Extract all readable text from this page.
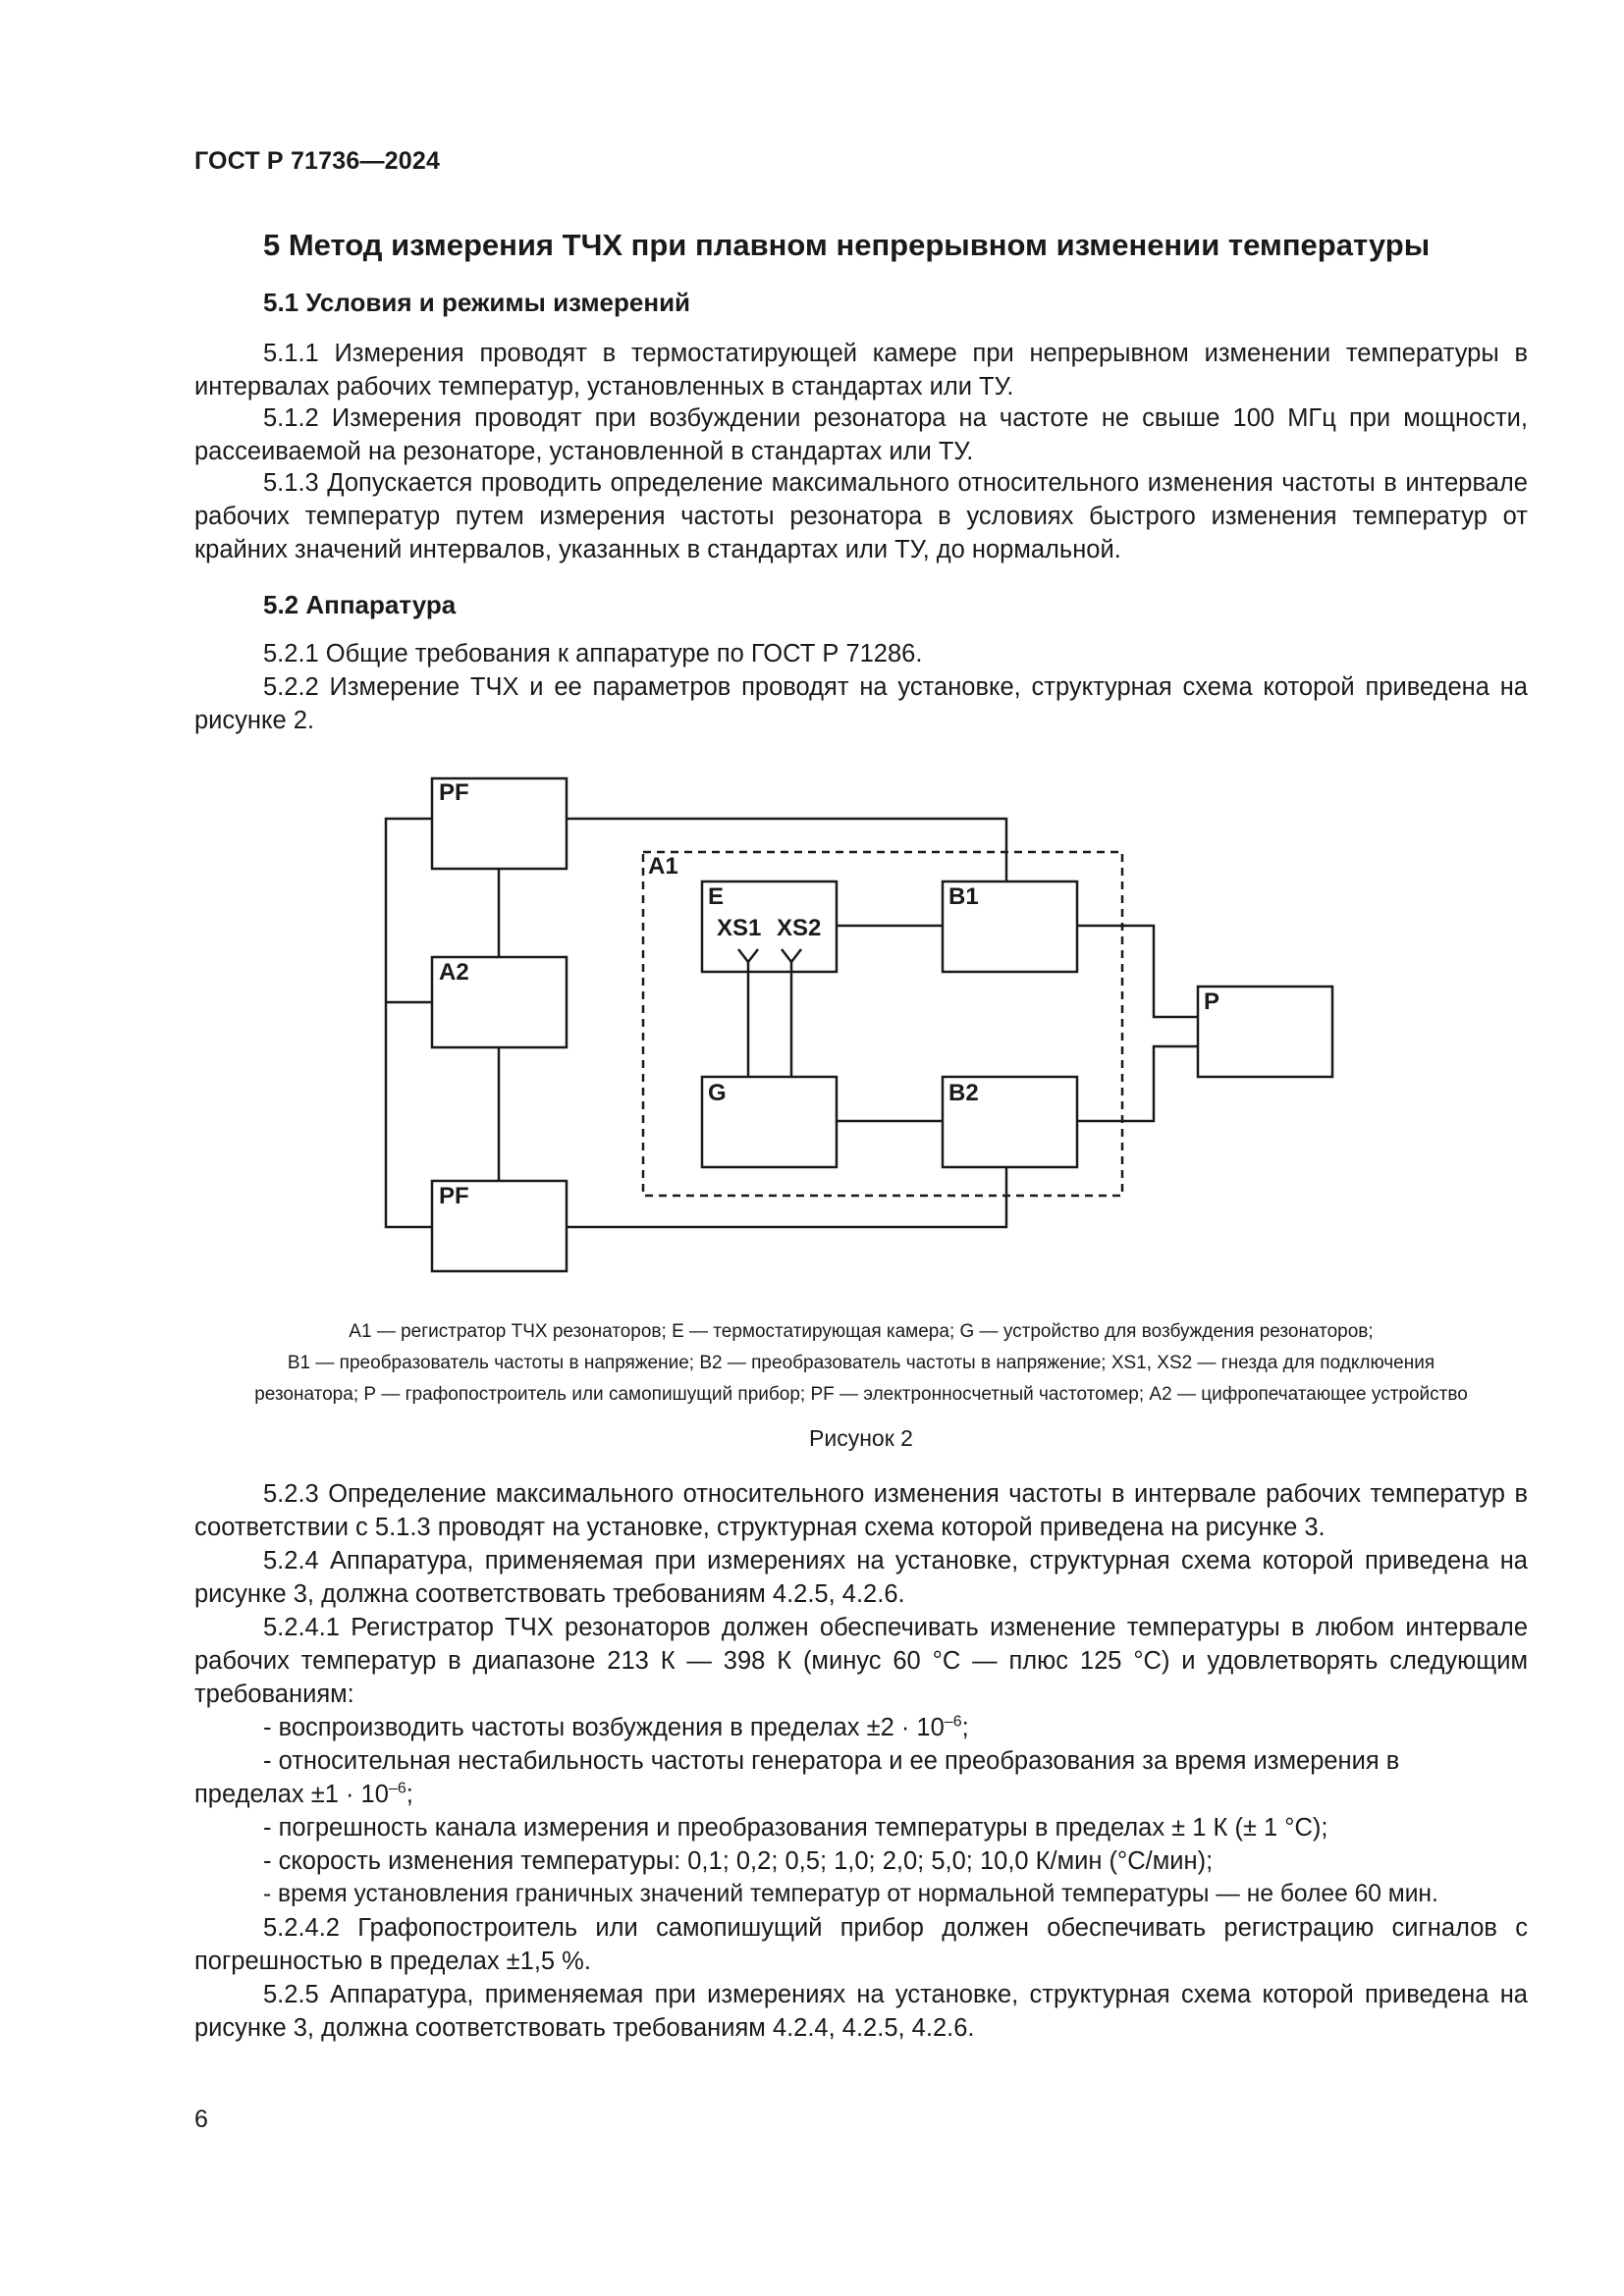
ГОСТ Р 71736—2024
5 Метод измерения ТЧХ при плавном непрерывном изменении температуры
5.1 Условия и режимы измерений

5.1.1 Измерения проводят в термостатирующей камере при непрерывном изменении температуры в интервалах рабочих температур, установленных в стандартах или ТУ.

5.1.2 Измерения проводят при возбуждении резонатора на частоте не свыше 100 МГц при мощности, рассеиваемой на резонаторе, установленной в стандартах или ТУ.

5.1.3 Допускается проводить определение максимального относительного изменения частоты в интервале рабочих температур путем измерения частоты резонатора в условиях быстрого изменения температур от крайних значений интервалов, указанных в стандартах или ТУ, до нормальной.

5.2 Аппаратура

5.2.1 Общие требования к аппаратуре по ГОСТ Р 71286.

5.2.2 Измерение ТЧХ и ее параметров проводят на установке, структурная схема которой приведена на рисунке 2.

PF
A2
PF
A1
E
XS1 XS2
G
B1
B2
P
А1 — регистратор ТЧХ резонаторов; Е — термостатирующая камера; G — устройство для возбуждения резонаторов;
В1 — преобразователь частоты в напряжение; В2 — преобразователь частоты в напряжение; XS1, XS2 — гнезда для подключения
резонатора; Р — графопостроитель или самопишущий прибор; PF — электронносчетный частотомер; А2 — цифропечатающее устройство
Рисунок 2

5.2.3 Определение максимального относительного изменения частоты в интервале рабочих температур в соответствии с 5.1.3 проводят на установке, структурная схема которой приведена на рисунке 3.

5.2.4 Аппаратура, применяемая при измерениях на установке, структурная схема которой приведена на рисунке 3, должна соответствовать требованиям 4.2.5, 4.2.6.

5.2.4.1 Регистратор ТЧХ резонаторов должен обеспечивать изменение температуры в любом интервале рабочих температур в диапазоне 213 К — 398 К (минус 60 °С — плюс 125 °С) и удовлетворять следующим требованиям:

- воспроизводить частоты возбуждения в пределах $\pm 2 \cdot 10^{-6}$;
- относительная нестабильность частоты генератора и ее преобразования за время измерения в
пределах $\pm 1 \cdot 10^{-6}$;
- погрешность канала измерения и преобразования температуры в пределах ± 1 К (± 1 °С);
- скорость изменения температуры: 0,1; 0,2; 0,5; 1,0; 2,0; 5,0; 10,0 К/мин (°С/мин);
- время установления граничных значений температур от нормальной температуры — не более 60 мин.

5.2.4.2 Графопостроитель или самопишущий прибор должен обеспечивать регистрацию сигналов с погрешностью в пределах ±1,5 %.

5.2.5 Аппаратура, применяемая при измерениях на установке, структурная схема которой приведена на рисунке 3, должна соответствовать требованиям 4.2.4, 4.2.5, 4.2.6.

6
